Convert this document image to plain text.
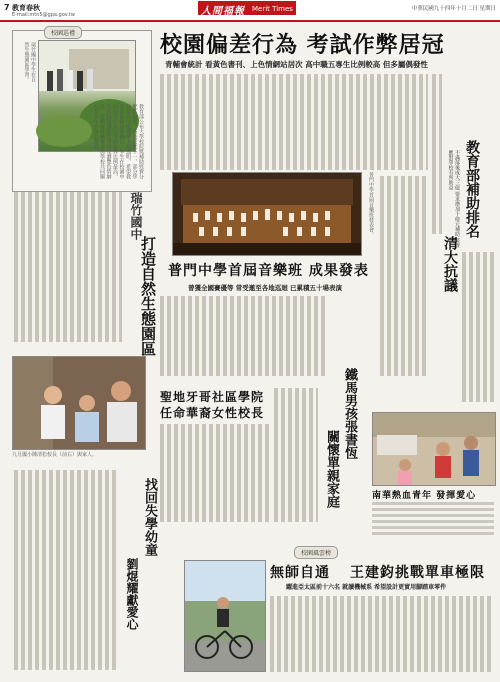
7 教育春秋
E-mail:mtn5@gpa.gov.tw	人間福報 Merit Times	中華民國九十四年十月二日 星期日
校園巡禮
瑞竹國中學生在自然生態園區學習。
教育部公布大學校院獎補助經費分配結果後，各校反應不一，部分學校認為分配標準不夠透明，希望教育部能夠重新檢討。學生在校園中的偏差行為以考試作弊比例最高，其次為閱讀黃色書刊及瀏覽色情網站，青輔會呼籲家長與學校共同關心青少年的身心發展。
瑞竹國中
打造自然生態園區
九月國小陳清松校長（前右）與家人。
找回失學幼童
劉焜耀獻愛心
校園偏差行為 考試作弊居冠
青輔會統計 看黃色書刊、上色情網站居次 高中職五專生比例較高 但多屬偶發性
教育部補助排名
清大抗議
不滿落後成大三億 要求增加十億元補助 經費應對學校有所助益
普門中學首屆音樂班發表會。
普門中學首屆音樂班 成果發表
曾獲全國賽優等 常受邀至各地巡迴 已累積五十場表演
聖地牙哥社區學院
任命華裔女性校長	鐵馬男孩張書恆
關懷單親家庭	南華熱血青年 發揮愛心
校園風雲榜
無師自通 王建鈞挑戰單車極限
躍進亞太區前十六名 就讀機械系 希望設計更實用腳踏車零件
